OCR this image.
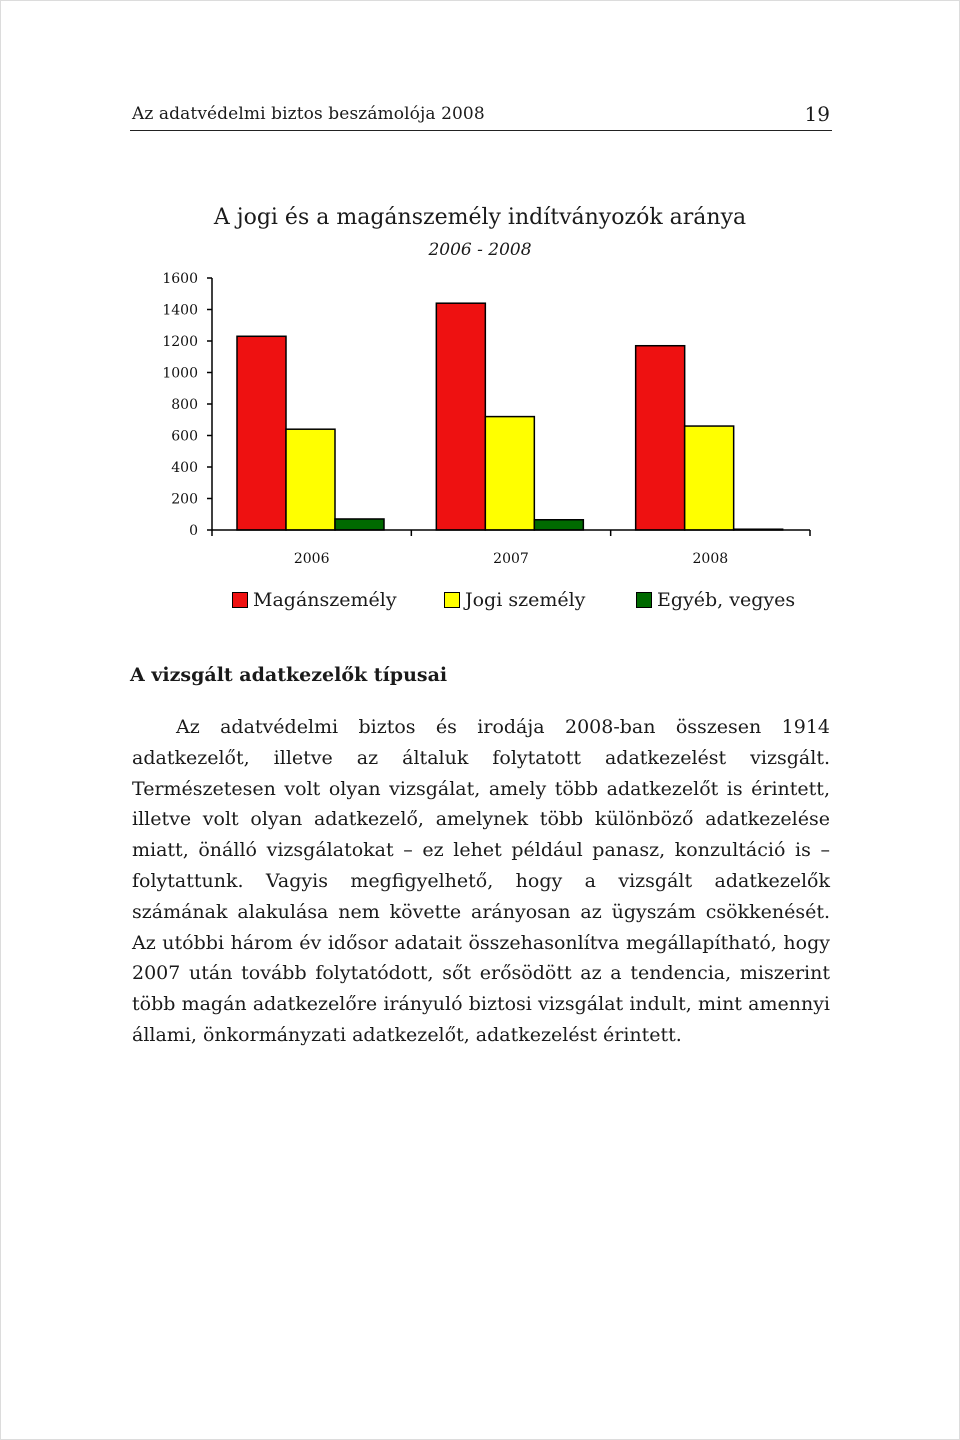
Az adatvédelmi biztos beszámolója 2008	19
A jogi és a magánszemély indítványozók aránya
2006 - 2008
0
200
400
600
800
1000
1200
1400
1600
2006	2007	2008
Magánszemély	Jogi személy	Egyéb, vegyes
A vizsgált adatkezelők típusai

Az adatvédelmi biztos és irodája 2008-ban összesen 1914 adatkezelőt, illetve az általuk folytatott adatkezelést vizsgált. Természetesen volt olyan vizsgálat, amely több adatkezelőt is érintett, illetve volt olyan adatkezelő, amelynek több különböző adatkezelése miatt, önálló vizsgálatokat – ez lehet például panasz, konzultáció is – folytattunk. Vagyis megfigyelhető, hogy a vizsgált adatkezelők számának alakulása nem követte arányosan az ügyszám csökkenését. Az utóbbi három év idősor adatait összehasonlítva megállapítható, hogy 2007 után tovább folytatódott, sőt erősödött az a tendencia, miszerint több magán adatkezelőre irányuló biztosi vizsgálat indult, mint amennyi állami, önkormányzati adatkezelőt, adatkezelést érintett.
